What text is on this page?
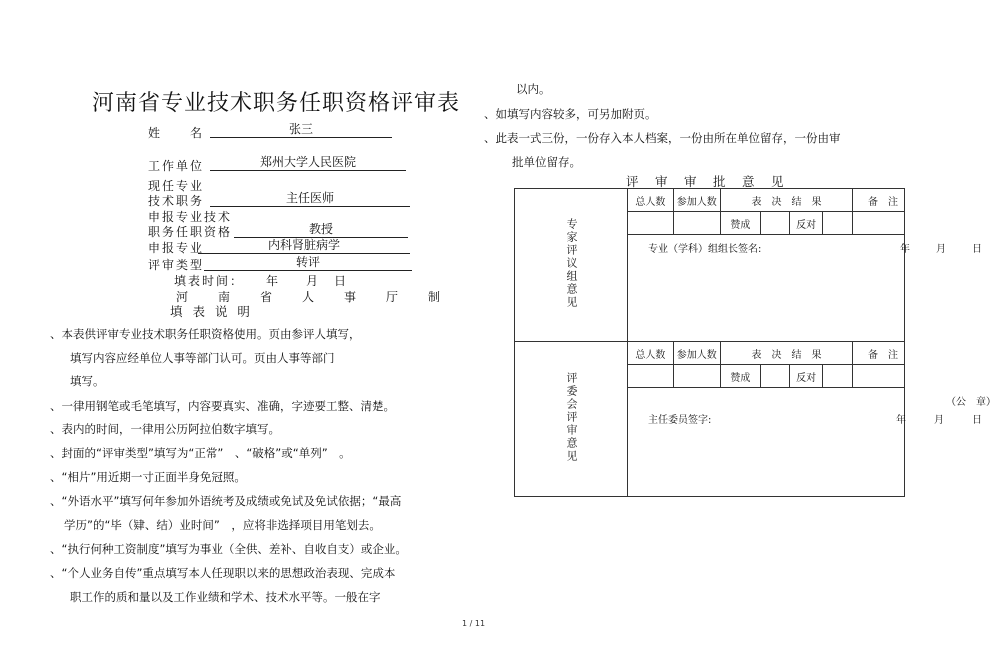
河南省专业技术职务任职资格评审表
姓　　名	张三
工作单位	郑州大学人民医院
现任专业
技术职务	主任医师
申报专业技术
职务任职资格	教授
申报专业	内科肾脏病学
评审类型	转评
填表时间： 年 月 日
河　　南　　省　　人　　事　　厅　　制
填 表 说 明
、本表供评审专业技术职务任职资格使用。页由参评人填写，
填写内容应经单位人事等部门认可。页由人事等部门
填写。
、一律用钢笔或毛笔填写，内容要真实、准确，字迹要工整、清楚。
、表内的时间，一律用公历阿拉伯数字填写。
、封面的“评审类型”填写为“正常”　、“破格”或“单列”　。
、“相片”用近期一寸正面半身免冠照。
、“外语水平”填写何年参加外语统考及成绩或免试及免试依据；“最高
学历”的“毕（肄、结）业时间”　，应将非选择项目用笔划去。
、“执行何种工资制度”填写为事业（全供、差补、自收自支）或企业。
、“个人业务自传”重点填写本人任现职以来的思想政治表现、完成本
职工作的质和量以及工作业绩和学术、技术水平等。一般在字
以内。
、如填写内容较多，可另加附页。
、此表一式三份，一份存入本人档案，一份由所在单位留存，一份由审
批单位留存。
评　审　审　批　意　见
专家评议组意见	总人数	参加人数	表　决　结　果				备　注
			赞成		反对		

	专业（学科）组组长签名: 年 月 日						

评委会评审意见	总人数	参加人数	表　决　结　果				备　注
			赞成		反对		

	（公　章）
主任委员签字: 年 月 日						
1 / 11
